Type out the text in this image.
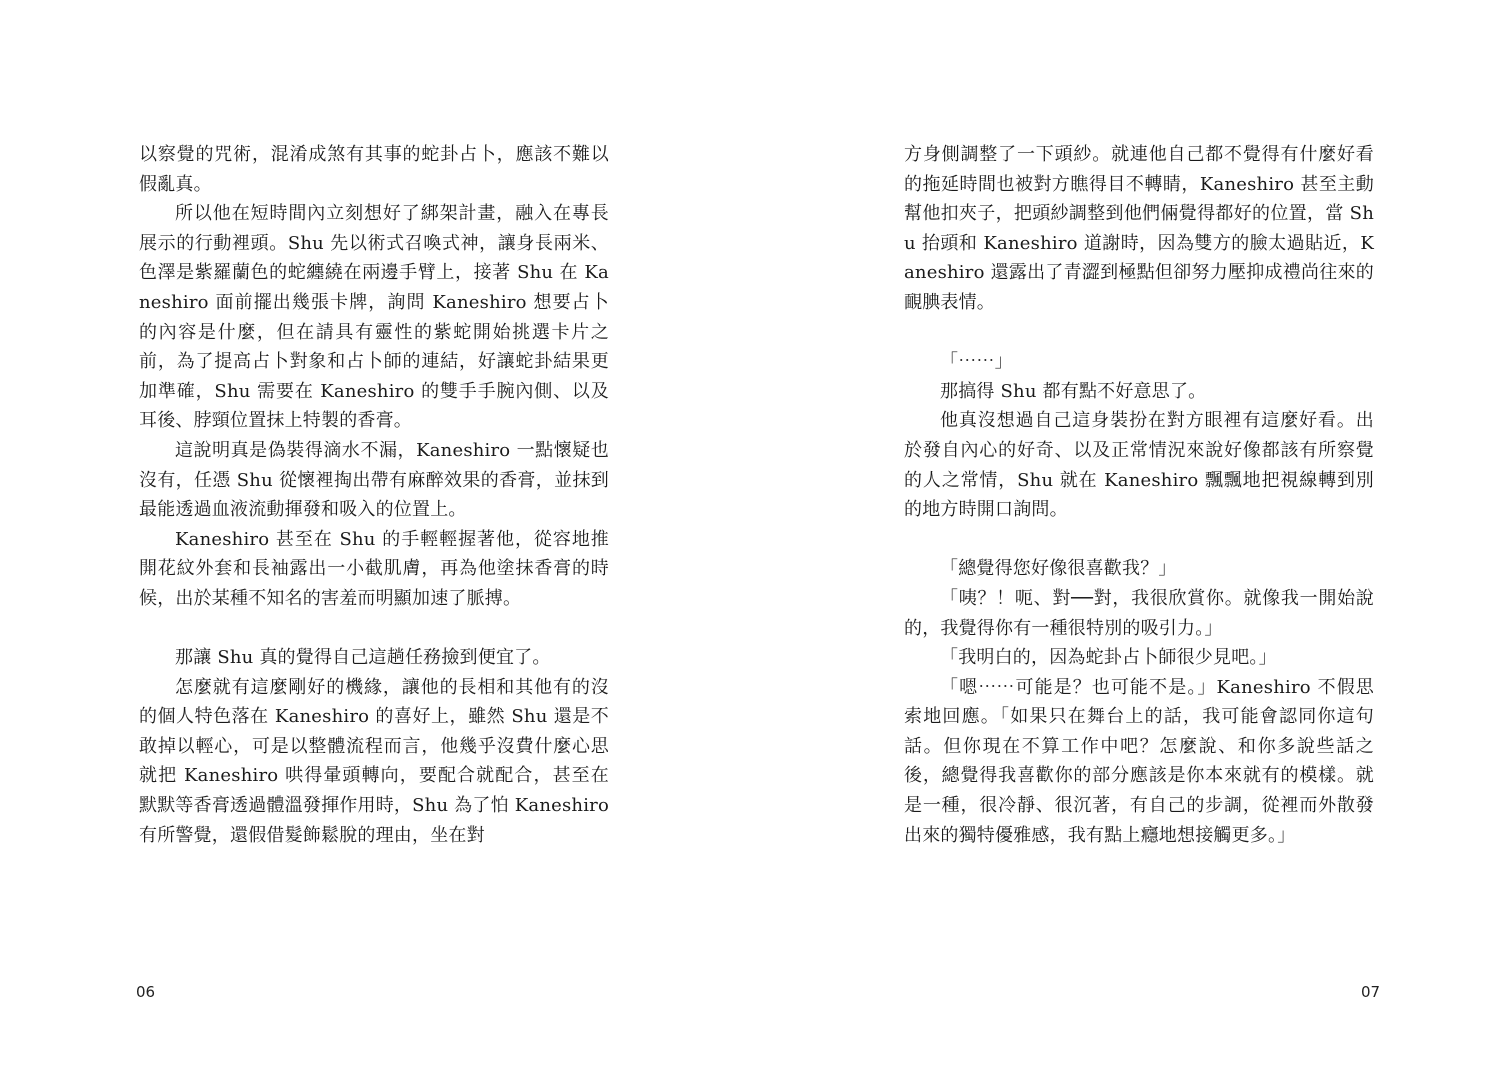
以察覺的咒術，混淆成煞有其事的蛇卦占卜，應該不難以假亂真。

所以他在短時間內立刻想好了綁架計畫，融入在專長展示的行動裡頭。Shu 先以術式召喚式神，讓身長兩米、色澤是紫羅蘭色的蛇纏繞在兩邊手臂上，接著 Shu 在 Kaneshiro 面前擺出幾張卡牌，詢問 Kaneshiro 想要占卜的內容是什麼，但在請具有靈性的紫蛇開始挑選卡片之前，為了提高占卜對象和占卜師的連結，好讓蛇卦結果更加準確，Shu 需要在 Kaneshiro 的雙手手腕內側、以及耳後、脖頸位置抹上特製的香膏。

這說明真是偽裝得滴水不漏，Kaneshiro 一點懷疑也沒有，任憑 Shu 從懷裡掏出帶有麻醉效果的香膏，並抹到最能透過血液流動揮發和吸入的位置上。

Kaneshiro 甚至在 Shu 的手輕輕握著他，從容地推開花紋外套和長袖露出一小截肌膚，再為他塗抹香膏的時候，出於某種不知名的害羞而明顯加速了脈搏。

那讓 Shu 真的覺得自己這趟任務撿到便宜了。

怎麼就有這麼剛好的機緣，讓他的長相和其他有的沒的個人特色落在 Kaneshiro 的喜好上，雖然 Shu 還是不敢掉以輕心，可是以整體流程而言，他幾乎沒費什麼心思就把 Kaneshiro 哄得暈頭轉向，要配合就配合，甚至在默默等香膏透過體溫發揮作用時，Shu 為了怕 Kaneshiro 有所警覺，還假借髮飾鬆脫的理由，坐在對

方身側調整了一下頭紗。就連他自己都不覺得有什麼好看的拖延時間也被對方瞧得目不轉睛，Kaneshiro 甚至主動幫他扣夾子，把頭紗調整到他們倆覺得都好的位置，當 Shu 抬頭和 Kaneshiro 道謝時，因為雙方的臉太過貼近，Kaneshiro 還露出了青澀到極點但卻努力壓抑成禮尚往來的靦腆表情。

「⋯⋯」

那搞得 Shu 都有點不好意思了。

他真沒想過自己這身裝扮在對方眼裡有這麼好看。出於發自內心的好奇、以及正常情況來說好像都該有所察覺的人之常情，Shu 就在 Kaneshiro 飄飄地把視線轉到別的地方時開口詢問。

「總覺得您好像很喜歡我？」

「咦？！呃、對──對，我很欣賞你。就像我一開始說的，我覺得你有一種很特別的吸引力。」

「我明白的，因為蛇卦占卜師很少見吧。」

「嗯⋯⋯可能是？也可能不是。」Kaneshiro 不假思索地回應。「如果只在舞台上的話，我可能會認同你這句話。但你現在不算工作中吧？怎麼說、和你多說些話之後，總覺得我喜歡你的部分應該是你本來就有的模樣。就是一種，很冷靜、很沉著，有自己的步調，從裡而外散發出來的獨特優雅感，我有點上癮地想接觸更多。」

06	07
